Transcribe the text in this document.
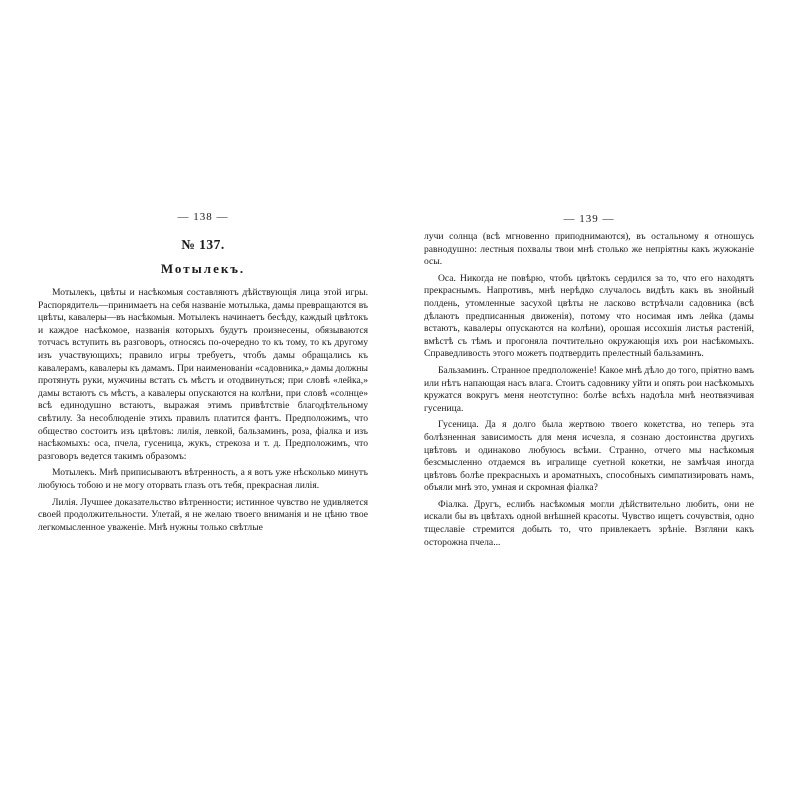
— 138 —
№ 137.
Мотылекъ.

Мотылекъ, цвѣты и насѣкомыя составляютъ дѣйствующія лица этой игры. Распорядитель—принимаетъ на себя названіе мотылька, дамы превращаются въ цвѣты, кавалеры—въ насѣкомыя. Мотылекъ начинаетъ бесѣду, каждый цвѣтокъ и каждое насѣкомое, названія которыхъ будутъ произнесены, обязываются тотчасъ вступить въ разговоръ, относясь по-очередно то къ тому, то къ другому изъ участвующихъ; правило игры требуетъ, чтобъ дамы обращались къ кавалерамъ, кавалеры къ дамамъ. При наименованіи «садовника,» дамы должны протянуть руки, мужчины встать съ мѣстъ и отодвинуться; при словѣ «лейка,» дамы встаютъ съ мѣстъ, а кавалеры опускаются на колѣни, при словѣ «солнце» всѣ единодушно встаютъ, выражая этимъ привѣтствіе благодѣтельному свѣтилу. За несоблюденіе этихъ правилъ платится фантъ. Предположимъ, что общество состоитъ изъ цвѣтовъ: лилія, левкой, бальзаминъ, роза, фіалка и изъ насѣкомыхъ: оса, пчела, гусеница, жукъ, стрекоза и т. д. Предположимъ, что разговоръ ведется такимъ образомъ:

Мотылекъ. Мнѣ приписываютъ вѣтренность, а я вотъ уже нѣсколько минутъ любуюсь тобою и не могу оторвать глазъ отъ тебя, прекрасная лилія.

Лилія. Лучшее доказательство вѣтренности; истинное чувство не удивляется своей продолжительности. Улетай, я не желаю твоего вниманія и не цѣню твое легкомысленное уваженіе. Мнѣ нужны только свѣтлые

— 139 —

лучи солнца (всѣ мгновенно приподнимаются), въ остальному я отношусь равнодушно: лестныя похвалы твои мнѣ столько же непріятны какъ жужжаніе осы.

Оса. Никогда не повѣрю, чтобъ цвѣтокъ сердился за то, что его находятъ прекраснымъ. Напротивъ, мнѣ нерѣдко случалось видѣть какъ въ знойный полдень, утомленные засухой цвѣты не ласково встрѣчали садовника (всѣ дѣлаютъ предписанныя движенія), потому что носимая имъ лейка (дамы встаютъ, кавалеры опускаются на колѣни), орошая иссохшія листья растеній, вмѣстѣ съ тѣмъ и прогоняла почтительно окружающія ихъ рои насѣкомыхъ. Справедливость этого можетъ подтвердить прелестный бальзаминъ.

Бальзаминъ. Странное предположеніе! Какое мнѣ дѣло до того, пріятно вамъ или нѣтъ напающая насъ влага. Стоитъ садовнику уйти и опять рои насѣкомыхъ кружатся вокругъ меня неотступно: болѣе всѣхъ надоѣла мнѣ неотвязчивая гусеница.

Гусеница. Да я долго была жертвою твоего кокетства, но теперь эта болѣзненная зависимость для меня исчезла, я сознаю достоинства другихъ цвѣтовъ и одинаково любуюсь всѣми. Странно, отчего мы насѣкомыя безсмысленно отдаемся въ игралище суетной кокетки, не замѣчая иногда цвѣтовъ болѣе прекрасныхъ и ароматныхъ, способныхъ симпатизировать намъ, объяли мнѣ это, умная и скромная фіалка?

Фіалка. Другъ, еслибъ насѣкомыя могли дѣйствительно любить, они не искали бы въ цвѣтахъ одной внѣшней красоты. Чувство ищетъ сочувствія, одно тщеславіе стремится добыть то, что привлекаетъ зрѣніе. Взгляни какъ осторожна пчела...
